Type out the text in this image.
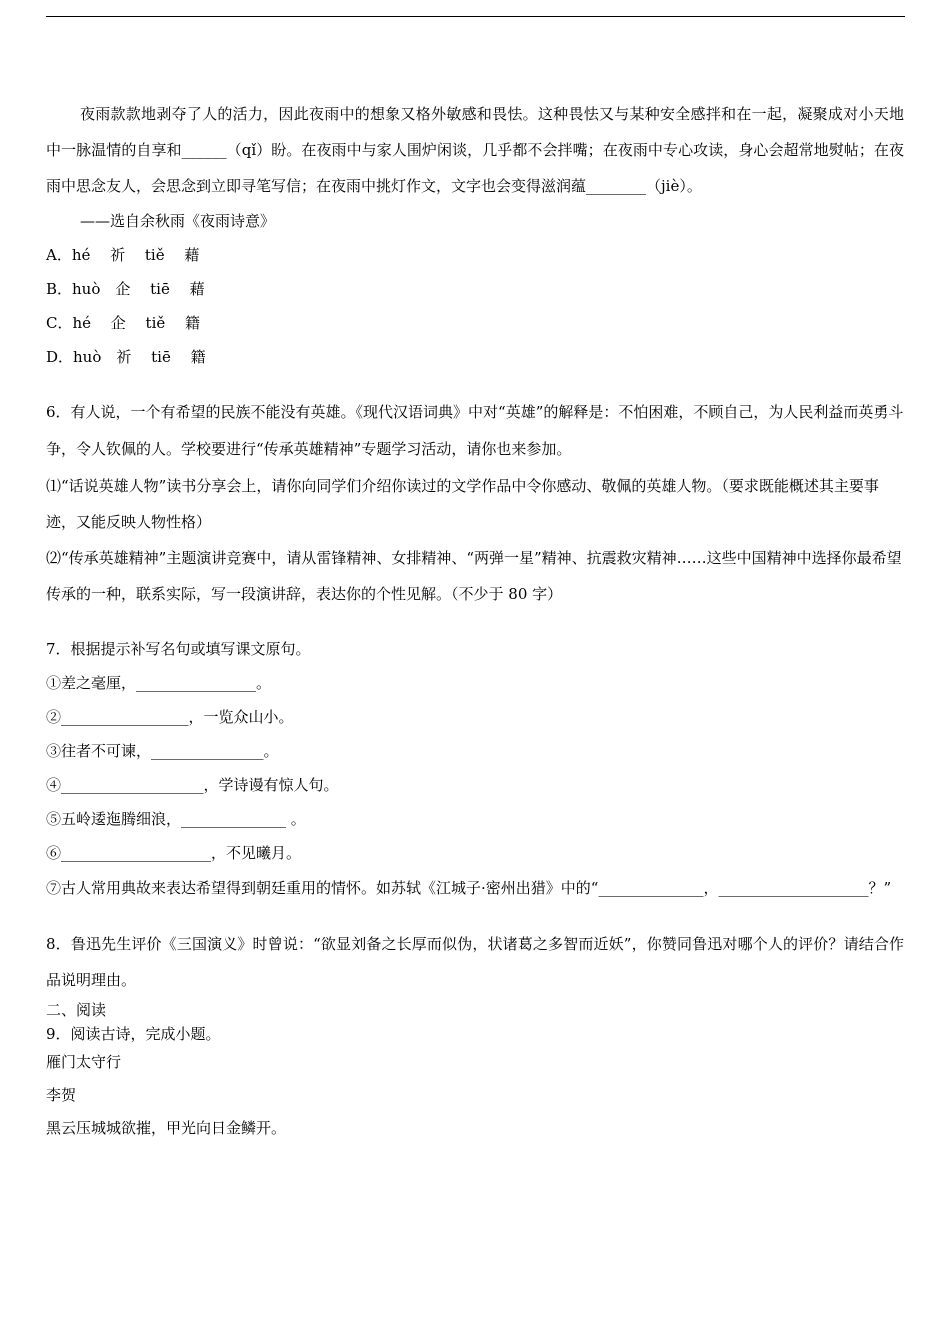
夜雨款款地剥夺了人的活力，因此夜雨中的想象又格外敏感和畏怯。这种畏怯又与某种安全感拌和在一起，凝聚成对小天地中一脉温情的自享和______（qǐ）盼。在夜雨中与家人围炉闲谈，几乎都不会拌嘴；在夜雨中专心攻读，身心会超常地熨帖；在夜雨中思念友人，会思念到立即寻笔写信；在夜雨中挑灯作文，文字也会变得滋润蕴________（jiè）。

——选自余秋雨《夜雨诗意》

A．hé　 祈　 tiě　 藉

B．huò　企　 tiē　 藉

C．hé　 企　 tiě　 籍

D．huò　祈　 tiē　 籍

6．有人说，一个有希望的民族不能没有英雄。《现代汉语词典》中对“英雄”的解释是：不怕困难，不顾自己，为人民利益而英勇斗争，令人钦佩的人。学校要进行“传承英雄精神”专题学习活动，请你也来参加。

⑴“话说英雄人物”读书分享会上，请你向同学们介绍你读过的文学作品中令你感动、敬佩的英雄人物。（要求既能概述其主要事迹，又能反映人物性格）

⑵“传承英雄精神”主题演讲竞赛中，请从雷锋精神、女排精神、“两弹一星”精神、抗震救灾精神……这些中国精神中选择你最希望传承的一种，联系实际，写一段演讲辞，表达你的个性见解。（不少于 80 字）

7．根据提示补写名句或填写课文原句。

①差之毫厘，________________。

②_________________，一览众山小。

③往者不可谏，_______________。

④___________________，学诗谩有惊人句。

⑤五岭逶迤腾细浪，______________ 。

⑥____________________，不见曦月。

⑦古人常用典故来表达希望得到朝廷重用的情怀。如苏轼《江城子·密州出猎》中的“______________，____________________？”

8．鲁迅先生评价《三国演义》时曾说：“欲显刘备之长厚而似伪，状诸葛之多智而近妖”，你赞同鲁迅对哪个人的评价？请结合作品说明理由。

二、阅读

9．阅读古诗，完成小题。

雁门太守行

李贺

黑云压城城欲摧，甲光向日金鳞开。
